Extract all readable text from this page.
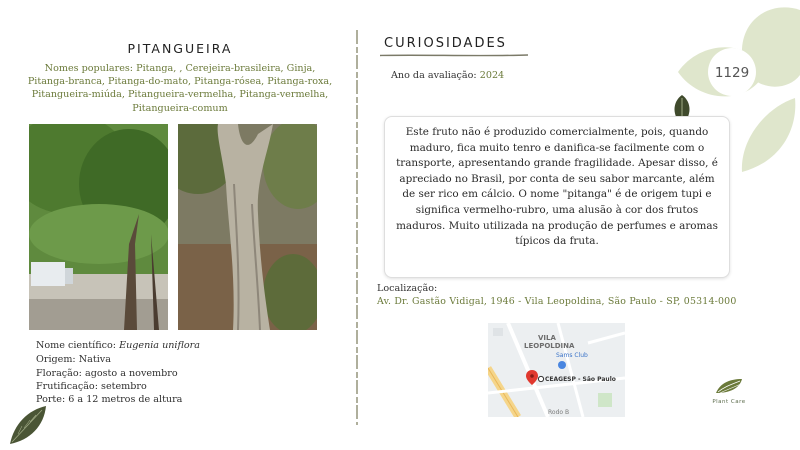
PITANGUEIRA
Nomes populares: Pitanga, , Cerejeira-brasileira, Ginja, Pitanga-branca, Pitanga-do-mato, Pitanga-rósea, Pitanga-roxa, Pitangueira-miúda, Pitangueira-vermelha, Pitanga-vermelha, Pitangueira-comum
Nome científico: Eugenia uniflora
Origem: Nativa
Floração: agosto a novembro
Frutificação: setembro
Porte: 6 a 12 metros de altura
CURIOSIDADES
Ano da avaliação: 2024	1129
Este fruto não é produzido comercialmente, pois, quando maduro, fica muito tenro e danifica-se facilmente com o transporte, apresentando grande fragilidade. Apesar disso, é apreciado no Brasil, por conta de seu sabor marcante, além de ser rico em cálcio. O nome "pitanga" é de origem tupi e significa vermelho-rubro, uma alusão à cor dos frutos maduros. Muito utilizada na produção de perfumes e aromas típicos da fruta.
Localização:
Av. Dr. Gastão Vidigal, 1946 - Vila Leopoldina, São Paulo - SP, 05314-000
VILA
LEOPOLDINA
Sams Club
CEAGESP - São Paulo
Rodo B
Plant Care
